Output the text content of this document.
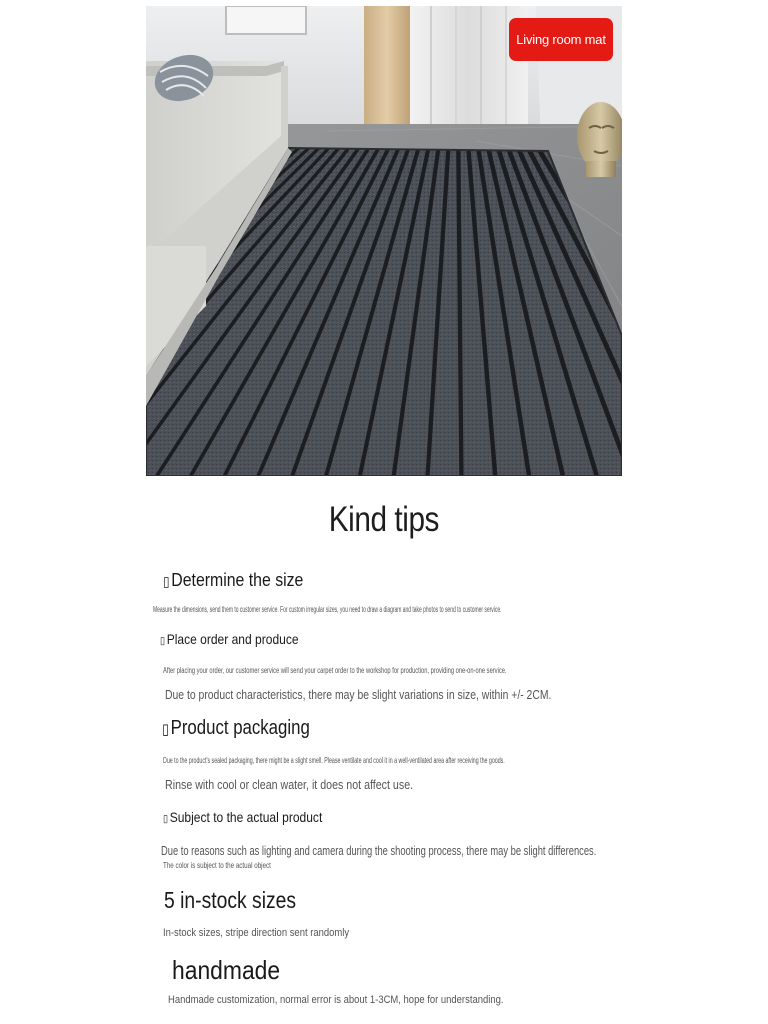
Living room mat
Kind tips
▯Determine the size
Measure the dimensions, send them to customer service. For custom irregular sizes, you need to draw a diagram and take photos to send to customer service.
▯ Place order and produce
After placing your order, our customer service will send your carpet order to the workshop for production, providing one-on-one service.
Due to product characteristics, there may be slight variations in size, within +/- 2CM.
▯Product packaging
Due to the product's sealed packaging, there might be a slight smell. Please ventilate and cool it in a well-ventilated area after receiving the goods.
Rinse with cool or clean water, it does not affect use.
▯ Subject to the actual product
Due to reasons such as lighting and camera during the shooting process, there may be slight differences.
The color is subject to the actual object
5 in-stock sizes
In-stock sizes, stripe direction sent randomly
handmade
Handmade customization, normal error is about 1-3CM, hope for understanding.
